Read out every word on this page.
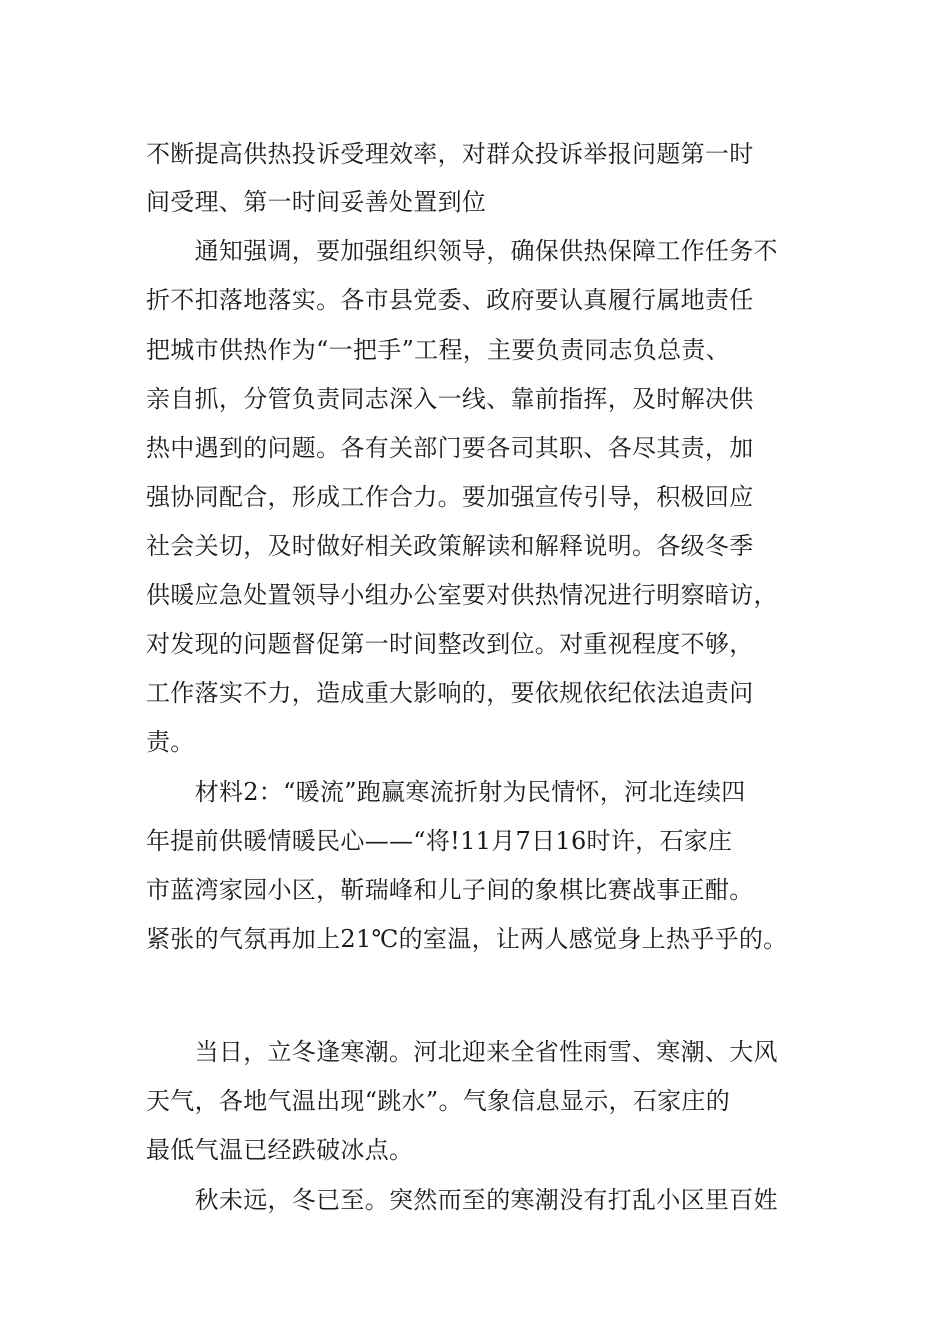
不断提高供热投诉受理效率，对群众投诉举报问题第一时

间受理、第一时间妥善处置到位

　　通知强调，要加强组织领导，确保供热保障工作任务不

折不扣落地落实。各市县党委、政府要认真履行属地责任

把城市供热作为“一把手”工程，主要负责同志负总责、

亲自抓，分管负责同志深入一线、靠前指挥，及时解决供

热中遇到的问题。各有关部门要各司其职、各尽其责，加

强协同配合，形成工作合力。要加强宣传引导，积极回应

社会关切，及时做好相关政策解读和解释说明。各级冬季

供暖应急处置领导小组办公室要对供热情况进行明察暗访，

对发现的问题督促第一时间整改到位。对重视程度不够，

工作落实不力，造成重大影响的，要依规依纪依法追责问

责。

　　材料2：“暖流”跑赢寒流折射为民情怀，河北连续四

年提前供暖情暖民心——“将!11月7日16时许，石家庄

市蓝湾家园小区，靳瑞峰和儿子间的象棋比赛战事正酣。

紧张的气氛再加上21℃的室温，让两人感觉身上热乎乎的。

　　当日，立冬逢寒潮。河北迎来全省性雨雪、寒潮、大风

天气，各地气温出现“跳水”。气象信息显示，石家庄的

最低气温已经跌破冰点。

　　秋未远，冬已至。突然而至的寒潮没有打乱小区里百姓
